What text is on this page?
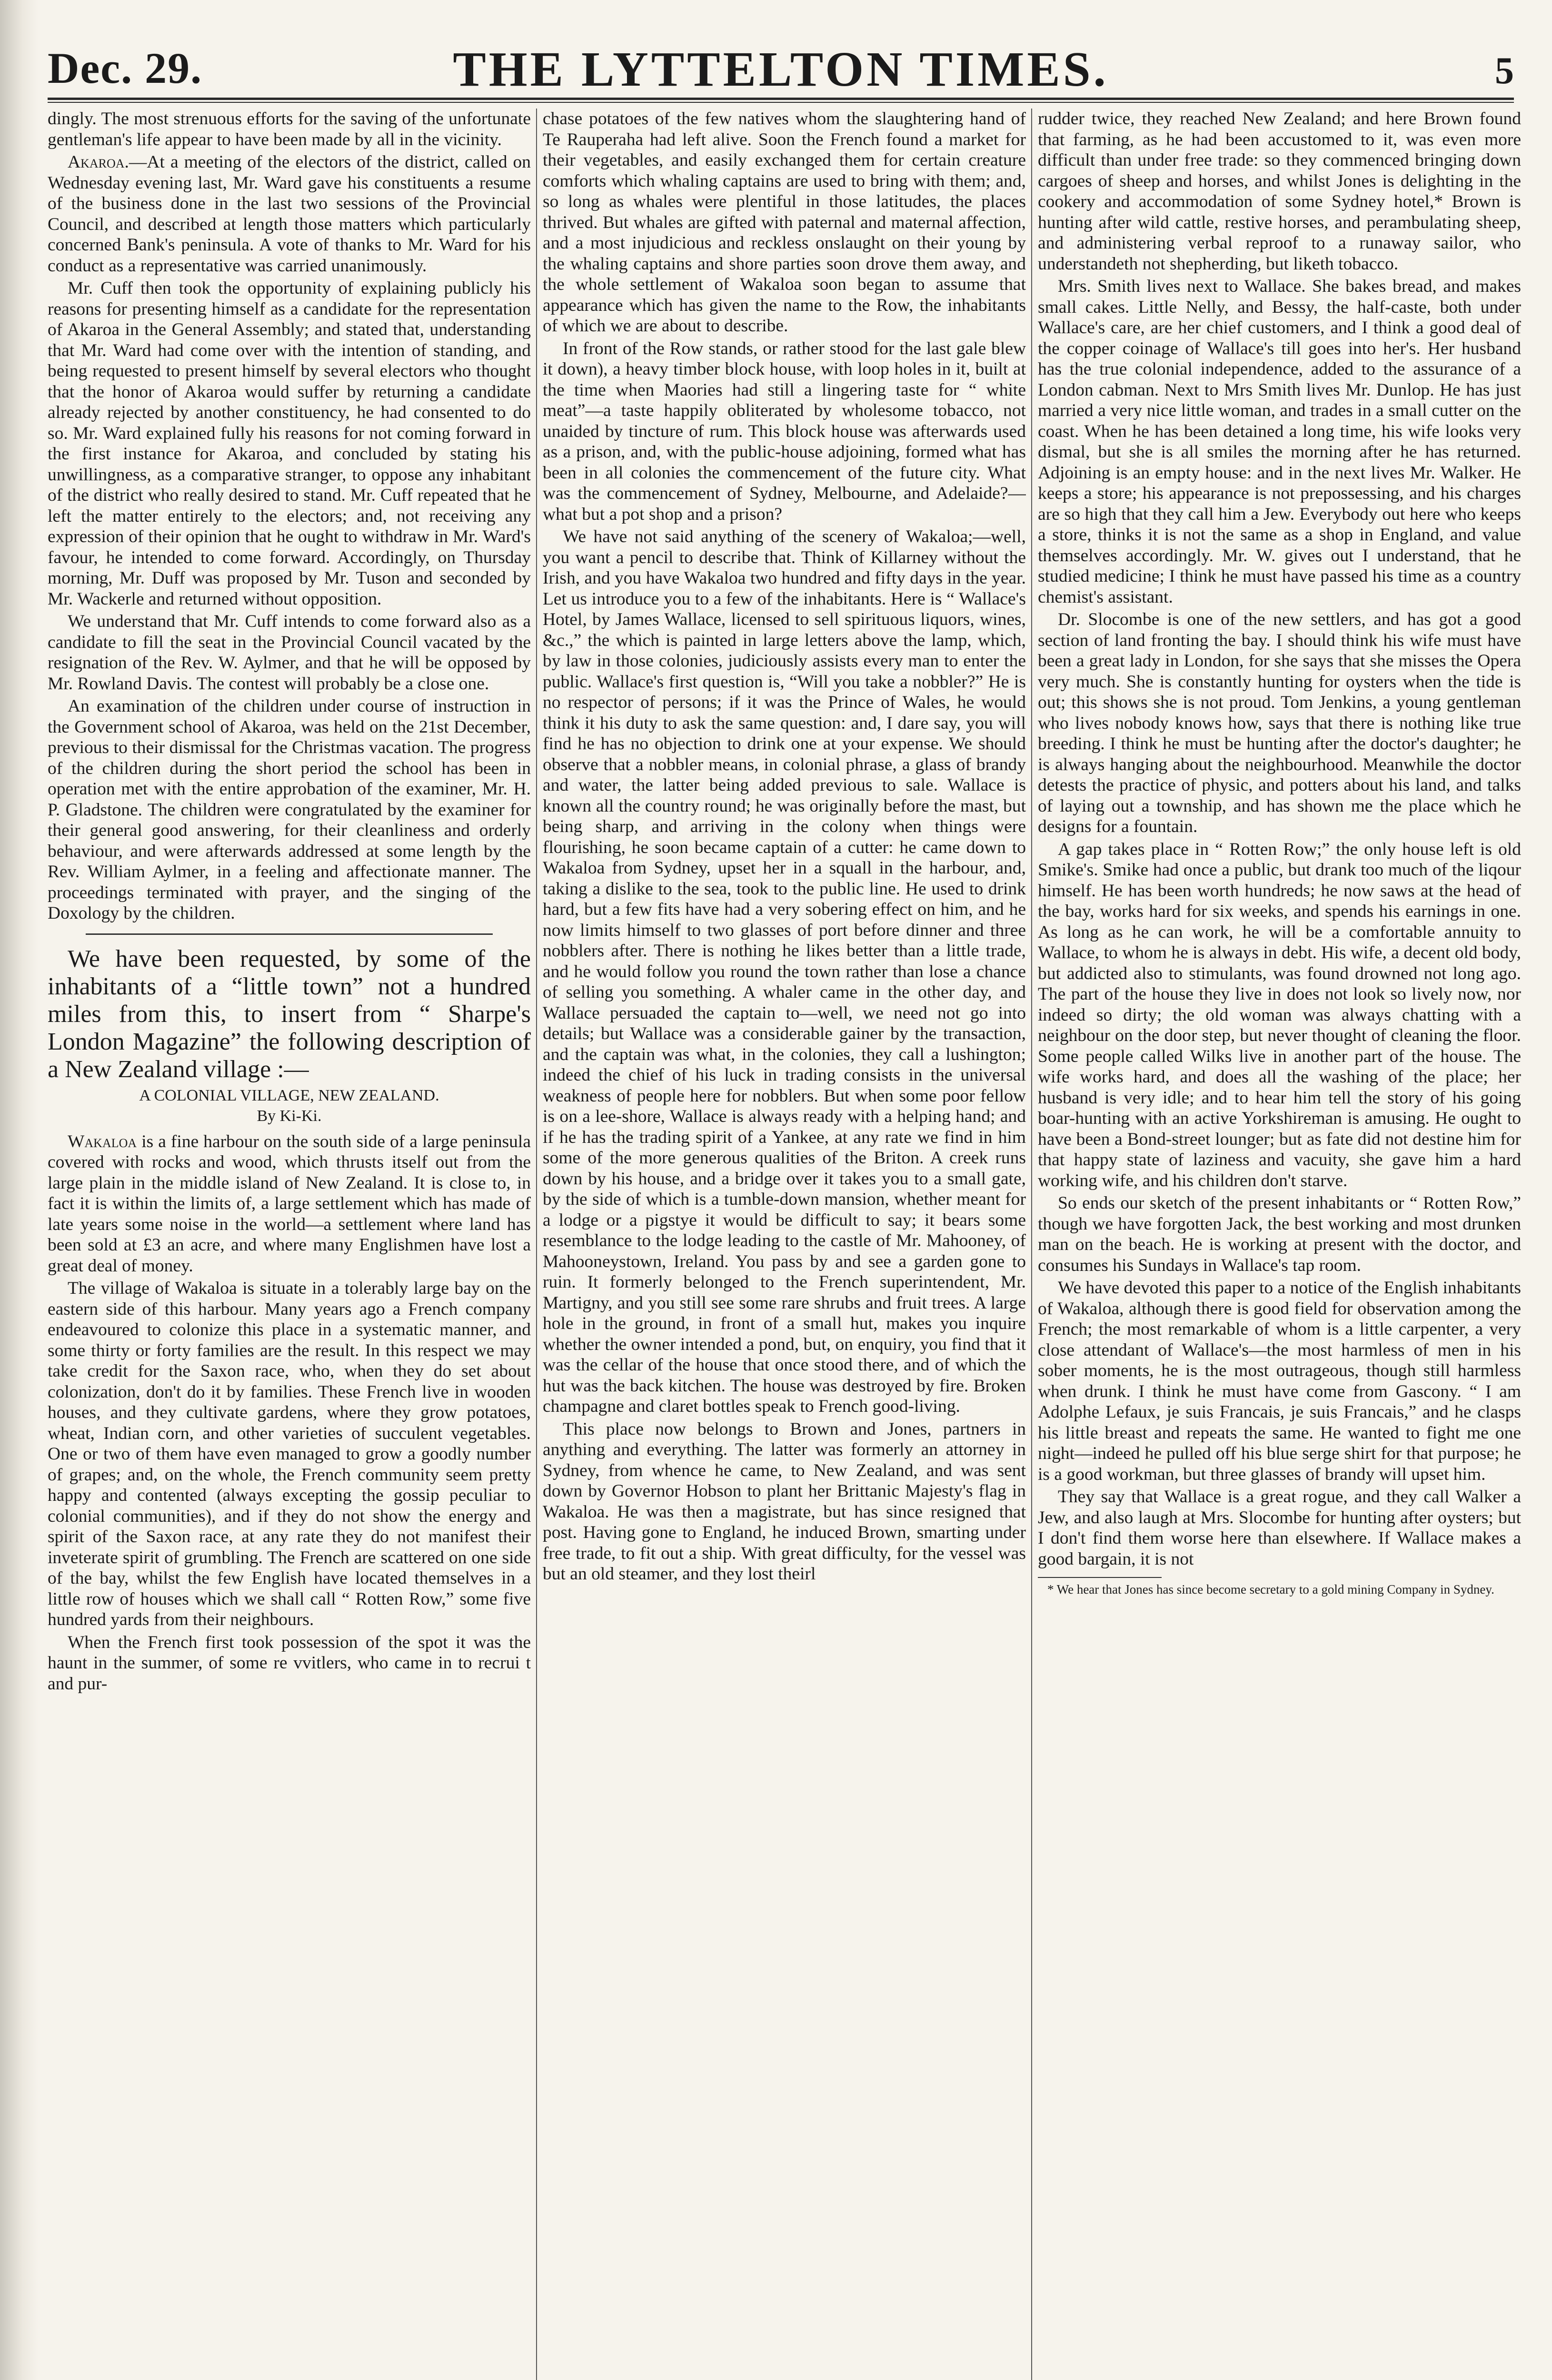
Dec. 29.	THE LYTTELTON TIMES.	5

dingly. The most strenuous efforts for the saving of the unfortunate gentleman's life appear to have been made by all in the vicinity.

Akaroa.—At a meeting of the electors of the district, called on Wednesday evening last, Mr. Ward gave his constituents a resume of the business done in the last two sessions of the Provincial Council, and described at length those matters which particularly concerned Bank's peninsula. A vote of thanks to Mr. Ward for his conduct as a representative was carried unanimously.

Mr. Cuff then took the opportunity of explaining publicly his reasons for presenting himself as a candidate for the representation of Akaroa in the General Assembly; and stated that, understanding that Mr. Ward had come over with the intention of standing, and being requested to present himself by several electors who thought that the honor of Akaroa would suffer by returning a candidate already rejected by another constituency, he had consented to do so. Mr. Ward explained fully his reasons for not coming forward in the first instance for Akaroa, and concluded by stating his unwillingness, as a comparative stranger, to oppose any inhabitant of the district who really desired to stand. Mr. Cuff repeated that he left the matter entirely to the electors; and, not receiving any expression of their opinion that he ought to withdraw in Mr. Ward's favour, he intended to come forward. Accordingly, on Thursday morning, Mr. Duff was proposed by Mr. Tuson and seconded by Mr. Wackerle and returned without opposition.

We understand that Mr. Cuff intends to come forward also as a candidate to fill the seat in the Provincial Council vacated by the resignation of the Rev. W. Aylmer, and that he will be opposed by Mr. Rowland Davis. The contest will probably be a close one.

An examination of the children under course of instruction in the Government school of Akaroa, was held on the 21st December, previous to their dismissal for the Christmas vacation. The progress of the children during the short period the school has been in operation met with the entire approbation of the examiner, Mr. H. P. Gladstone. The children were congratulated by the examiner for their general good answering, for their cleanliness and orderly behaviour, and were afterwards addressed at some length by the Rev. William Aylmer, in a feeling and affectionate manner. The proceedings terminated with prayer, and the singing of the Doxology by the children.

We have been requested, by some of the inhabitants of a “little town” not a hundred miles from this, to insert from “ Sharpe's London Magazine” the following description of a New Zealand village :—

A COLONIAL VILLAGE, NEW ZEALAND.

By Ki-Ki.

Wakaloa is a fine harbour on the south side of a large peninsula covered with rocks and wood, which thrusts itself out from the large plain in the middle island of New Zealand. It is close to, in fact it is within the limits of, a large settlement which has made of late years some noise in the world—a settlement where land has been sold at £3 an acre, and where many Englishmen have lost a great deal of money.

The village of Wakaloa is situate in a tolerably large bay on the eastern side of this harbour. Many years ago a French company endeavoured to colonize this place in a systematic manner, and some thirty or forty families are the result. In this respect we may take credit for the Saxon race, who, when they do set about colonization, don't do it by families. These French live in wooden houses, and they cultivate gardens, where they grow potatoes, wheat, Indian corn, and other varieties of succulent vegetables. One or two of them have even managed to grow a goodly number of grapes; and, on the whole, the French community seem pretty happy and contented (always excepting the gossip peculiar to colonial communities), and if they do not show the energy and spirit of the Saxon race, at any rate they do not manifest their inveterate spirit of grumbling. The French are scattered on one side of the bay, whilst the few English have located themselves in a little row of houses which we shall call “ Rotten Row,” some five hundred yards from their neighbours.

When the French first took possession of the spot it was the haunt in the summer, of some re vvitlers, who came in to recrui t and pur-

chase potatoes of the few natives whom the slaughtering hand of Te Rauperaha had left alive. Soon the French found a market for their vegetables, and easily exchanged them for certain creature comforts which whaling captains are used to bring with them; and, so long as whales were plentiful in those latitudes, the places thrived. But whales are gifted with paternal and maternal affection, and a most injudicious and reckless onslaught on their young by the whaling captains and shore parties soon drove them away, and the whole settlement of Wakaloa soon began to assume that appearance which has given the name to the Row, the inhabitants of which we are about to describe.

In front of the Row stands, or rather stood for the last gale blew it down), a heavy timber block house, with loop holes in it, built at the time when Maories had still a lingering taste for “ white meat”—a taste happily obliterated by wholesome tobacco, not unaided by tincture of rum. This block house was afterwards used as a prison, and, with the public-house adjoining, formed what has been in all colonies the commencement of the future city. What was the commencement of Sydney, Melbourne, and Adelaide?—what but a pot shop and a prison?

We have not said anything of the scenery of Wakaloa;—well, you want a pencil to describe that. Think of Killarney without the Irish, and you have Wakaloa two hundred and fifty days in the year. Let us introduce you to a few of the inhabitants. Here is “ Wallace's Hotel, by James Wallace, licensed to sell spirituous liquors, wines, &c.,” the which is painted in large letters above the lamp, which, by law in those colonies, judiciously assists every man to enter the public. Wallace's first question is, “Will you take a nobbler?” He is no respector of persons; if it was the Prince of Wales, he would think it his duty to ask the same question: and, I dare say, you will find he has no objection to drink one at your expense. We should observe that a nobbler means, in colonial phrase, a glass of brandy and water, the latter being added previous to sale. Wallace is known all the country round; he was originally before the mast, but being sharp, and arriving in the colony when things were flourishing, he soon became captain of a cutter: he came down to Wakaloa from Sydney, upset her in a squall in the harbour, and, taking a dislike to the sea, took to the public line. He used to drink hard, but a few fits have had a very sobering effect on him, and he now limits himself to two glasses of port before dinner and three nobblers after. There is nothing he likes better than a little trade, and he would follow you round the town rather than lose a chance of selling you something. A whaler came in the other day, and Wallace persuaded the captain to—well, we need not go into details; but Wallace was a considerable gainer by the transaction, and the captain was what, in the colonies, they call a lushington; indeed the chief of his luck in trading consists in the universal weakness of people here for nobblers. But when some poor fellow is on a lee-shore, Wallace is always ready with a helping hand; and if he has the trading spirit of a Yankee, at any rate we find in him some of the more generous qualities of the Briton. A creek runs down by his house, and a bridge over it takes you to a small gate, by the side of which is a tumble-down mansion, whether meant for a lodge or a pigstye it would be difficult to say; it bears some resemblance to the lodge leading to the castle of Mr. Mahooney, of Mahooneystown, Ireland. You pass by and see a garden gone to ruin. It formerly belonged to the French superintendent, Mr. Martigny, and you still see some rare shrubs and fruit trees. A large hole in the ground, in front of a small hut, makes you inquire whether the owner intended a pond, but, on enquiry, you find that it was the cellar of the house that once stood there, and of which the hut was the back kitchen. The house was destroyed by fire. Broken champagne and claret bottles speak to French good-living.

This place now belongs to Brown and Jones, partners in anything and everything. The latter was formerly an attorney in Sydney, from whence he came, to New Zealand, and was sent down by Governor Hobson to plant her Brittanic Majesty's flag in Wakaloa. He was then a magistrate, but has since resigned that post. Having gone to England, he induced Brown, smarting under free trade, to fit out a ship. With great difficulty, for the vessel was but an old steamer, and they lost theirl

rudder twice, they reached New Zealand; and here Brown found that farming, as he had been accustomed to it, was even more difficult than under free trade: so they commenced bringing down cargoes of sheep and horses, and whilst Jones is delighting in the cookery and accommodation of some Sydney hotel,* Brown is hunting after wild cattle, restive horses, and perambulating sheep, and administering verbal reproof to a runaway sailor, who understandeth not shepherding, but liketh tobacco.

Mrs. Smith lives next to Wallace. She bakes bread, and makes small cakes. Little Nelly, and Bessy, the half-caste, both under Wallace's care, are her chief customers, and I think a good deal of the copper coinage of Wallace's till goes into her's. Her husband has the true colonial independence, added to the assurance of a London cabman. Next to Mrs Smith lives Mr. Dunlop. He has just married a very nice little woman, and trades in a small cutter on the coast. When he has been detained a long time, his wife looks very dismal, but she is all smiles the morning after he has returned. Adjoining is an empty house: and in the next lives Mr. Walker. He keeps a store; his appearance is not prepossessing, and his charges are so high that they call him a Jew. Everybody out here who keeps a store, thinks it is not the same as a shop in England, and value themselves accordingly. Mr. W. gives out I understand, that he studied medicine; I think he must have passed his time as a country chemist's assistant.

Dr. Slocombe is one of the new settlers, and has got a good section of land fronting the bay. I should think his wife must have been a great lady in London, for she says that she misses the Opera very much. She is constantly hunting for oysters when the tide is out; this shows she is not proud. Tom Jenkins, a young gentleman who lives nobody knows how, says that there is nothing like true breeding. I think he must be hunting after the doctor's daughter; he is always hanging about the neighbourhood. Meanwhile the doctor detests the practice of physic, and potters about his land, and talks of laying out a township, and has shown me the place which he designs for a fountain.

A gap takes place in “ Rotten Row;” the only house left is old Smike's. Smike had once a public, but drank too much of the liqour himself. He has been worth hundreds; he now saws at the head of the bay, works hard for six weeks, and spends his earnings in one. As long as he can work, he will be a comfortable annuity to Wallace, to whom he is always in debt. His wife, a decent old body, but addicted also to stimulants, was found drowned not long ago. The part of the house they live in does not look so lively now, nor indeed so dirty; the old woman was always chatting with a neighbour on the door step, but never thought of cleaning the floor. Some people called Wilks live in another part of the house. The wife works hard, and does all the washing of the place; her husband is very idle; and to hear him tell the story of his going boar-hunting with an active Yorkshireman is amusing. He ought to have been a Bond-street lounger; but as fate did not destine him for that happy state of laziness and vacuity, she gave him a hard working wife, and his children don't starve.

So ends our sketch of the present inhabitants or “ Rotten Row,” though we have forgotten Jack, the best working and most drunken man on the beach. He is working at present with the doctor, and consumes his Sundays in Wallace's tap room.

We have devoted this paper to a notice of the English inhabitants of Wakaloa, although there is good field for observation among the French; the most remarkable of whom is a little carpenter, a very close attendant of Wallace's—the most harmless of men in his sober moments, he is the most outrageous, though still harmless when drunk. I think he must have come from Gascony. “ I am Adolphe Lefaux, je suis Francais, je suis Francais,” and he clasps his little breast and repeats the same. He wanted to fight me one night—indeed he pulled off his blue serge shirt for that purpose; he is a good workman, but three glasses of brandy will upset him.

They say that Wallace is a great rogue, and they call Walker a Jew, and also laugh at Mrs. Slocombe for hunting after oysters; but I don't find them worse here than elsewhere. If Wallace makes a good bargain, it is not

* We hear that Jones has since become secretary to a gold mining Company in Sydney.
